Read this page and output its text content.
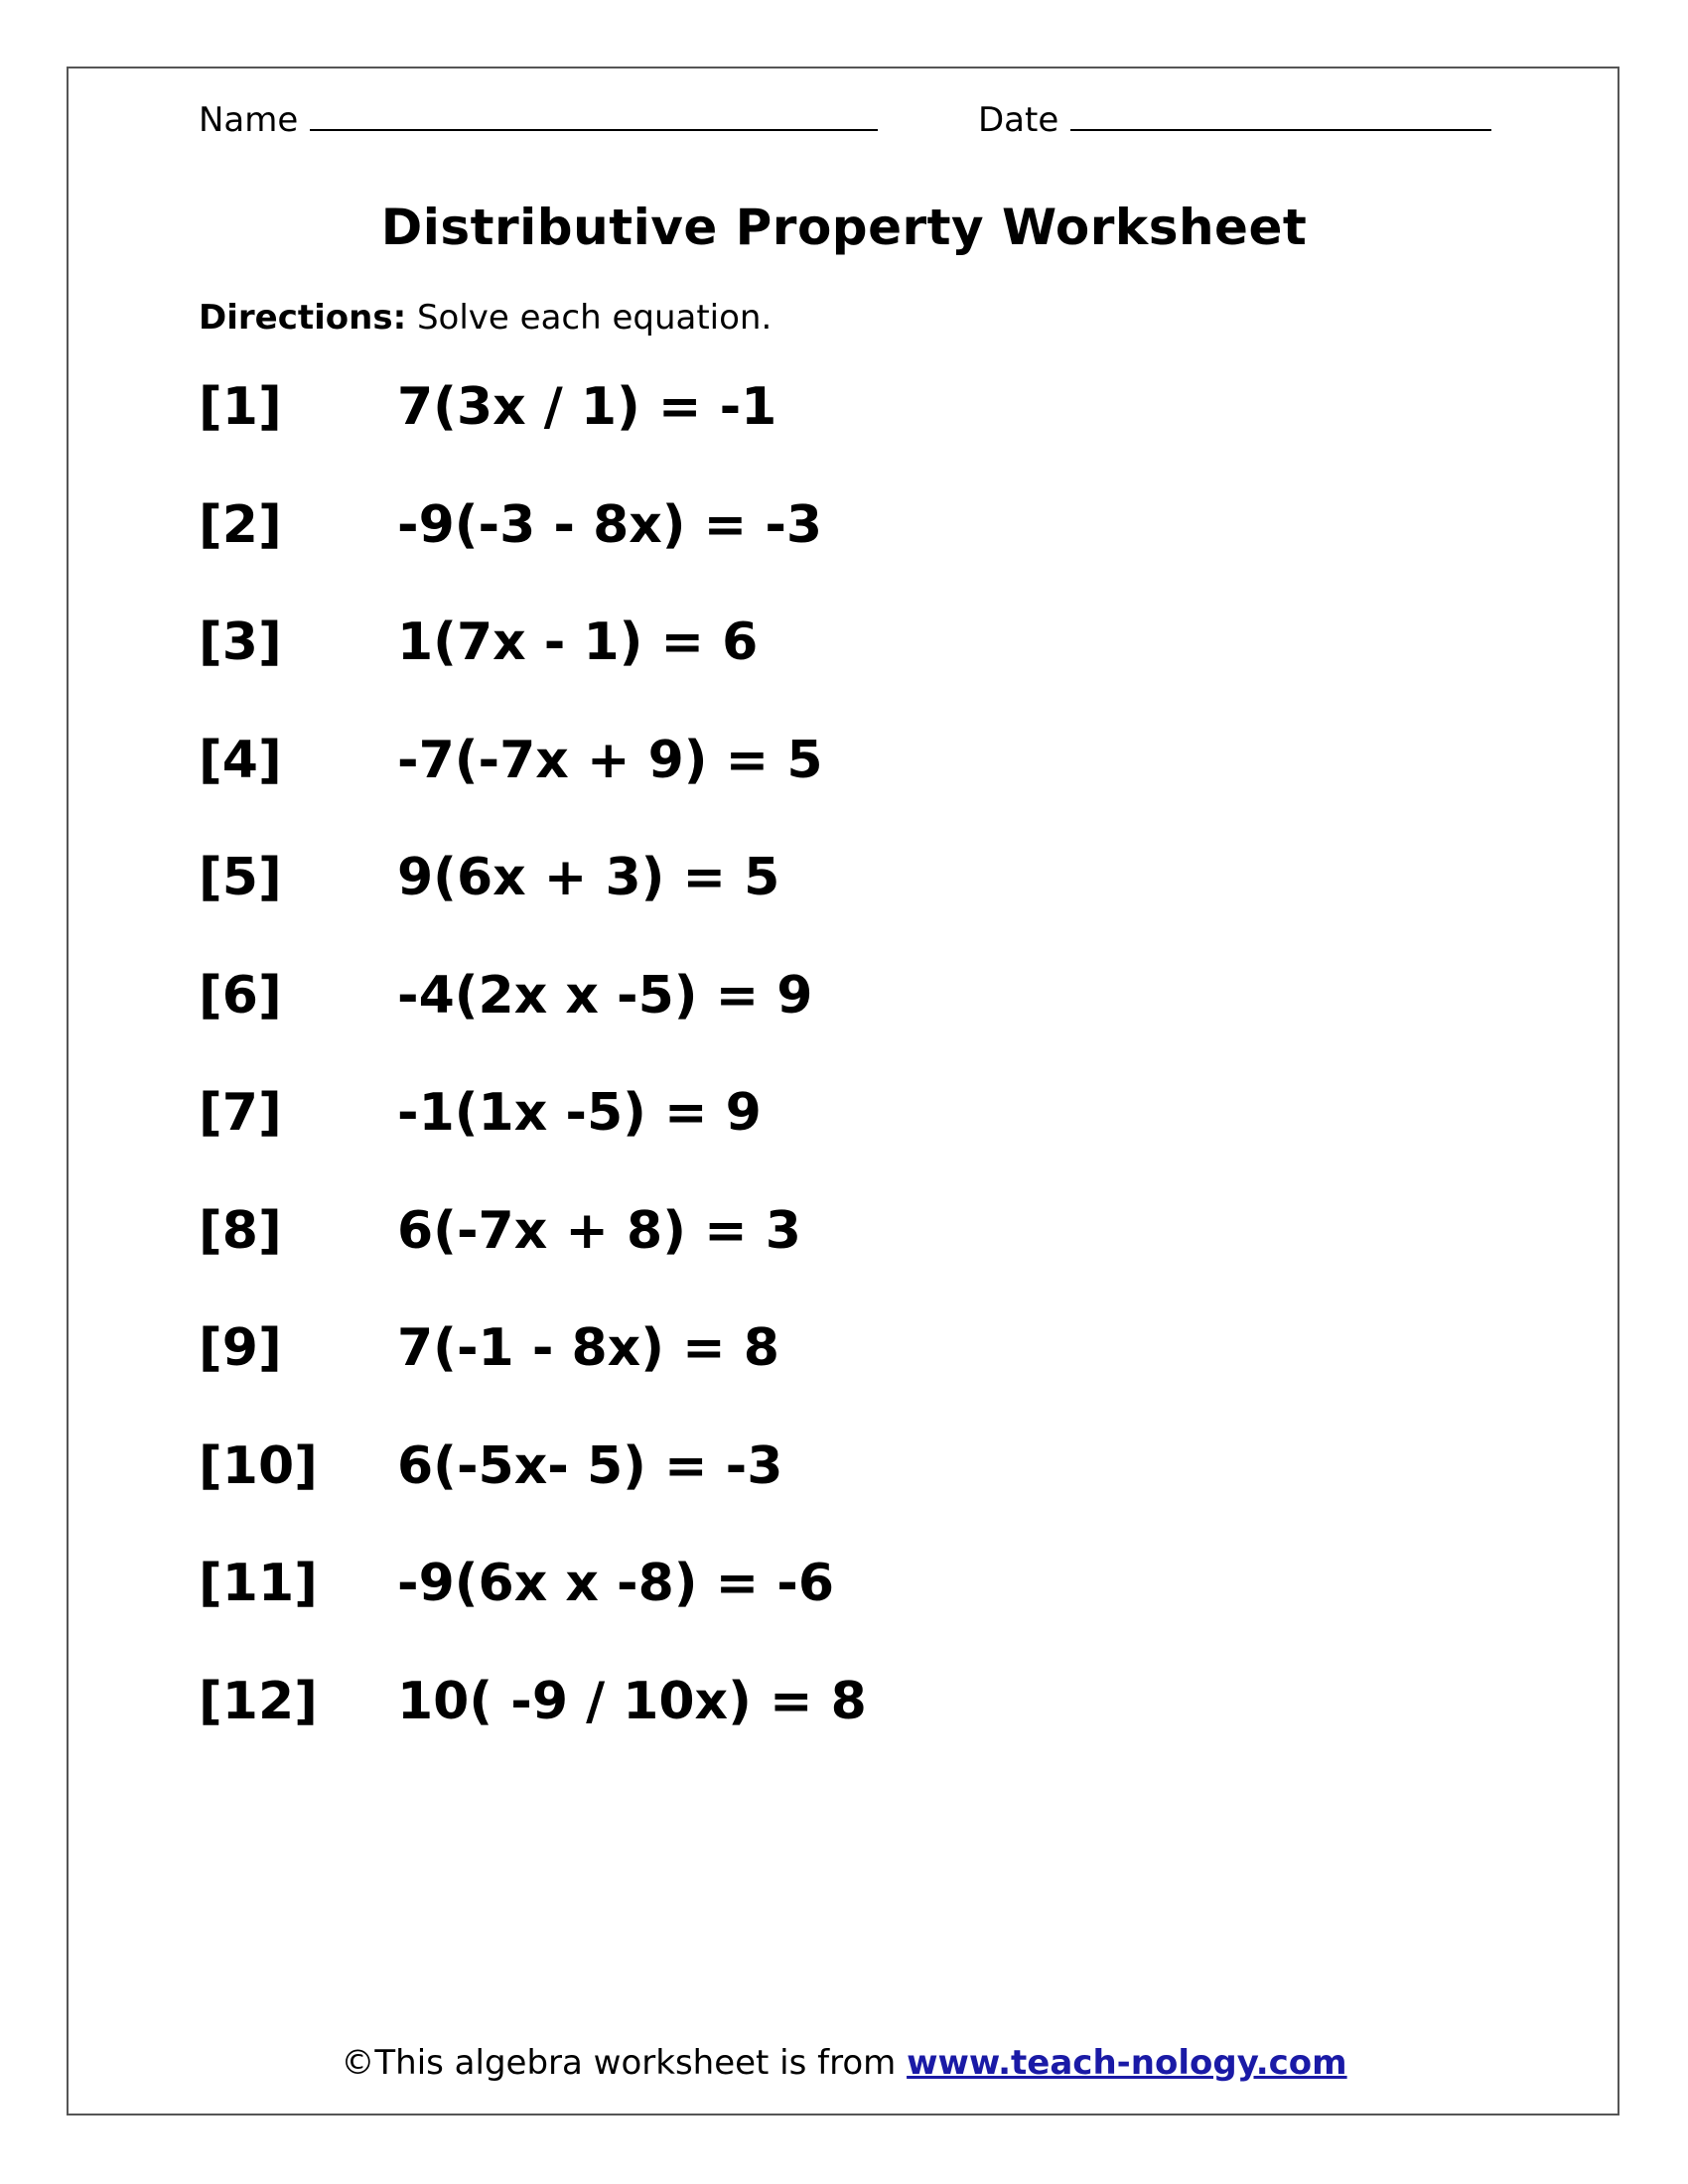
Name	Date
Distributive Property Worksheet
Directions: Solve each equation.
[1] 7(3x / 1) = -1
[2] -9(-3 - 8x) = -3
[3] 1(7x - 1) = 6
[4] -7(-7x + 9) = 5
[5] 9(6x + 3) = 5
[6] -4(2x x -5) = 9
[7] -1(1x -5) = 9
[8] 6(-7x + 8) = 3
[9] 7(-1 - 8x) = 8
[10] 6(-5x- 5) = -3
[11] -9(6x x -8) = -6
[12] 10( -9 / 10x) = 8
©This algebra worksheet is from www.teach-nology.com
